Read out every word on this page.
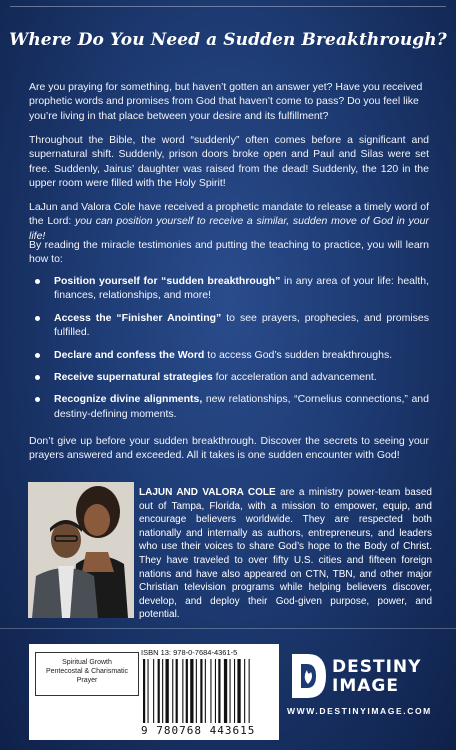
Where Do You Need a Sudden Breakthrough?
Are you praying for something, but haven’t gotten an answer yet? Have you received prophetic words and promises from God that haven’t come to pass? Do you feel like you’re living in that place between your desire and its fulfillment?
Throughout the Bible, the word “suddenly” often comes before a significant and supernatural shift. Suddenly, prison doors broke open and Paul and Silas were set free. Suddenly, Jairus’ daughter was raised from the dead! Suddenly, the 120 in the upper room were filled with the Holy Spirit!
LaJun and Valora Cole have received a prophetic mandate to release a timely word of the Lord: you can position yourself to receive a similar, sudden move of God in your life!
By reading the miracle testimonies and putting the teaching to practice, you will learn how to:
Position yourself for “sudden breakthrough” in any area of your life: health, finances, relationships, and more!
Access the “Finisher Anointing” to see prayers, prophecies, and promises fulfilled.
Declare and confess the Word to access God’s sudden breakthroughs.
Receive supernatural strategies for acceleration and advancement.
Recognize divine alignments, new relationships, “Cornelius connections,” and destiny-defining moments.
Don’t give up before your sudden breakthrough. Discover the secrets to seeing your prayers answered and exceeded. All it takes is one sudden encounter with God!
LAJUN AND VALORA COLE are a ministry power-team based out of Tampa, Florida, with a mission to empower, equip, and encourage believers worldwide. They are respected both nationally and internally as authors, entrepreneurs, and leaders who use their voices to share God’s hope to the Body of Christ. They have traveled to over fifty U.S. cities and fifteen foreign nations and have also appeared on CTN, TBN, and other major Christian television programs while helping believers discover, develop, and deploy their God-given purpose, power, and potential.
Spiritual Growth
Pentecostal & Charismatic
Prayer
ISBN 13: 978-0-7684-4361-5
9 780768 443615
DESTINY
IMAGE
WWW.DESTINYIMAGE.COM
